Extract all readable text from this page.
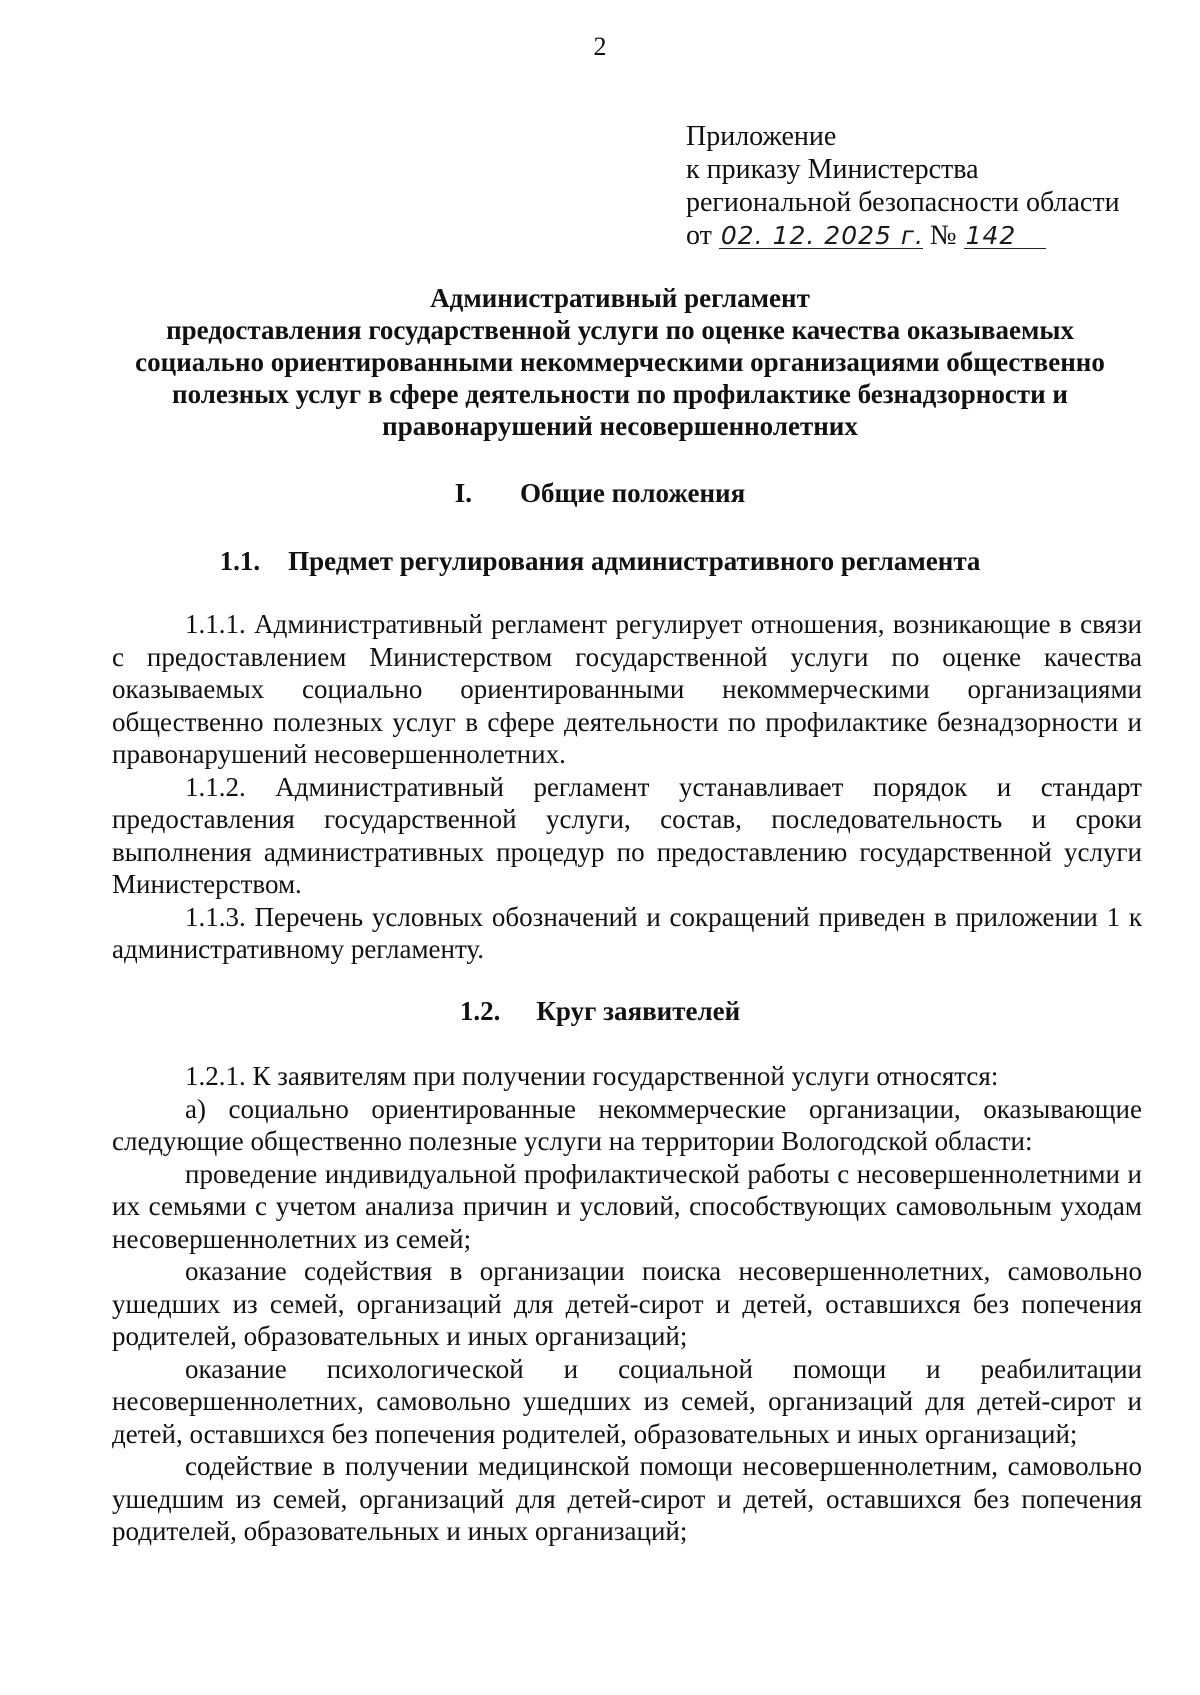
2
Приложение
к приказу Министерства
региональной безопасности области
от 02. 12. 2025 г. № 142
Административный регламент
предоставления государственной услуги по оценке качества оказываемых
социально ориентированными некоммерческими организациями общественно
полезных услуг в сфере деятельности по профилактике безнадзорности и
правонарушений несовершеннолетних
I. Общие положения
1.1. Предмет регулирования административного регламента

1.1.1. Административный регламент регулирует отношения, возникающие в связи с предоставлением Министерством государственной услуги по оценке качества оказываемых социально ориентированными некоммерческими организациями общественно полезных услуг в сфере деятельности по профилактике безнадзорности и правонарушений несовершеннолетних.

1.1.2. Административный регламент устанавливает порядок и стандарт предоставления государственной услуги, состав, последовательность и сроки выполнения административных процедур по предоставлению государственной услуги Министерством.

1.1.3. Перечень условных обозначений и сокращений приведен в приложении 1 к административному регламенту.

1.2. Круг заявителей

1.2.1. К заявителям при получении государственной услуги относятся:

а) социально ориентированные некоммерческие организации, оказывающие следующие общественно полезные услуги на территории Вологодской области:

проведение индивидуальной профилактической работы с несовершеннолетними и их семьями с учетом анализа причин и условий, способствующих самовольным уходам несовершеннолетних из семей;

оказание содействия в организации поиска несовершеннолетних, самовольно ушедших из семей, организаций для детей-сирот и детей, оставшихся без попечения родителей, образовательных и иных организаций;

оказание психологической и социальной помощи и реабилитации несовершеннолетних, самовольно ушедших из семей, организаций для детей-сирот и детей, оставшихся без попечения родителей, образовательных и иных организаций;

содействие в получении медицинской помощи несовершеннолетним, самовольно ушедшим из семей, организаций для детей-сирот и детей, оставшихся без попечения родителей, образовательных и иных организаций;
